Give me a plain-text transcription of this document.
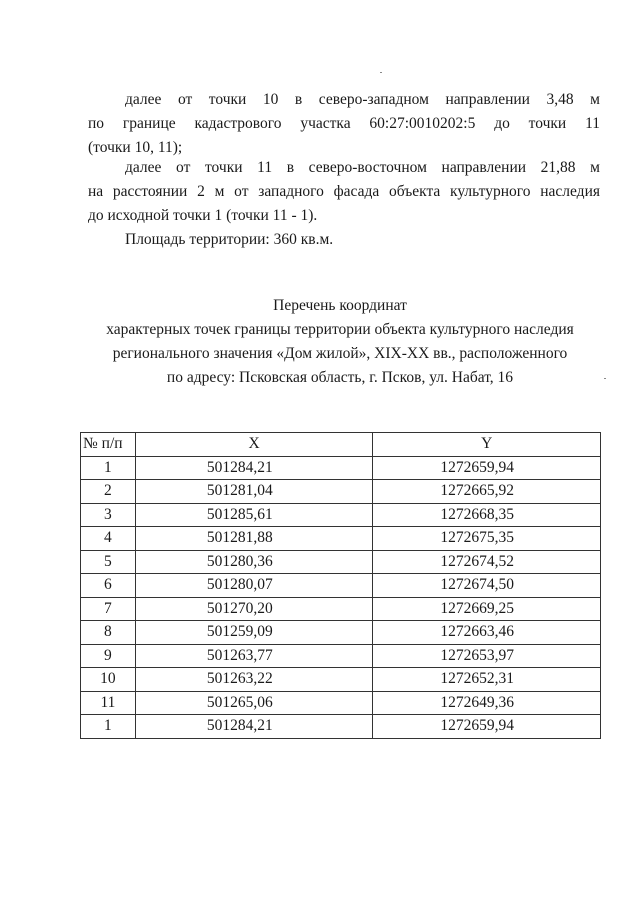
далее от точки 10 в северо-западном направлении 3,48 м
по границе кадастрового участка 60:27:0010202:5 до точки 11
(точки 10, 11);
далее от точки 11 в северо-восточном направлении 21,88 м
на расстоянии 2 м от западного фасада объекта культурного наследия
до исходной точки 1 (точки 11 - 1).
Площадь территории: 360 кв.м.
Перечень координат
характерных точек границы территории объекта культурного наследия
регионального значения «Дом жилой», XIX-XX вв., расположенного
по адресу: Псковская область, г. Псков, ул. Набат, 16
№ п/п	X	Y
1	501284,21	1272659,94
2	501281,04	1272665,92
3	501285,61	1272668,35
4	501281,88	1272675,35
5	501280,36	1272674,52
6	501280,07	1272674,50
7	501270,20	1272669,25
8	501259,09	1272663,46
9	501263,77	1272653,97
10	501263,22	1272652,31
11	501265,06	1272649,36
1	501284,21	1272659,94
